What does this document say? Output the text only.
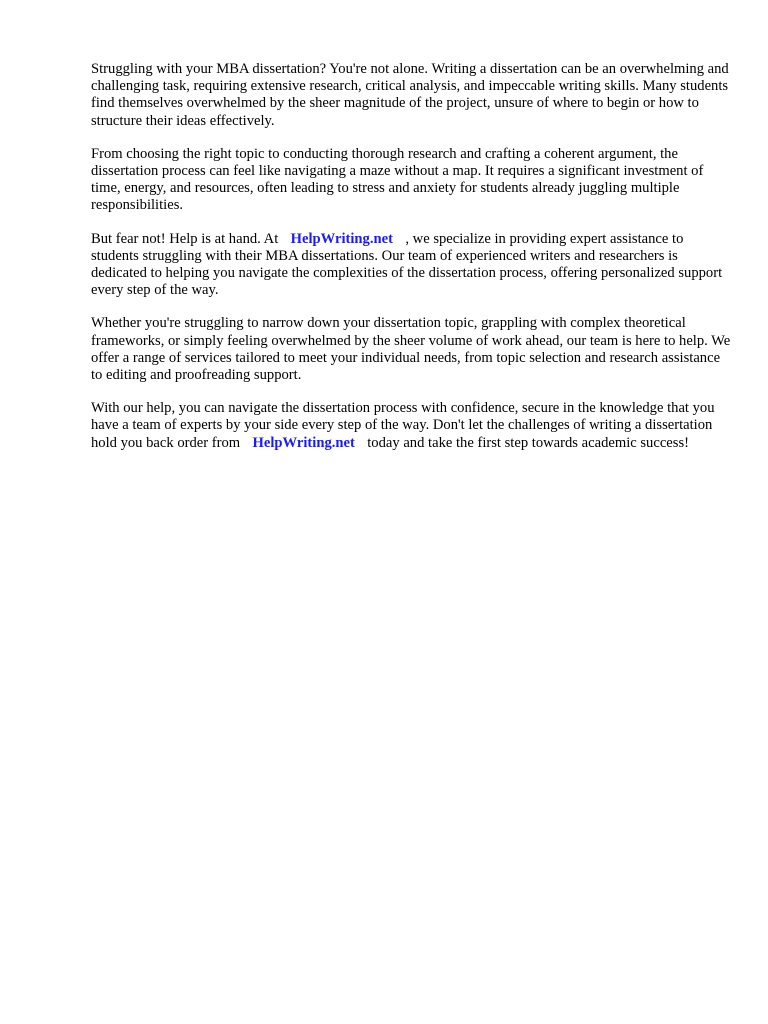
Struggling with your MBA dissertation? You're not alone. Writing a dissertation can be an overwhelming and challenging task, requiring extensive research, critical analysis, and impeccable writing skills. Many students find themselves overwhelmed by the sheer magnitude of the project, unsure of where to begin or how to structure their ideas effectively.

From choosing the right topic to conducting thorough research and crafting a coherent argument, the dissertation process can feel like navigating a maze without a map. It requires a significant investment of time, energy, and resources, often leading to stress and anxiety for students already juggling multiple responsibilities.

But fear not! Help is at hand. At HelpWriting.net , we specialize in providing expert assistance to students struggling with their MBA dissertations. Our team of experienced writers and researchers is dedicated to helping you navigate the complexities of the dissertation process, offering personalized support every step of the way.

Whether you're struggling to narrow down your dissertation topic, grappling with complex theoretical frameworks, or simply feeling overwhelmed by the sheer volume of work ahead, our team is here to help. We offer a range of services tailored to meet your individual needs, from topic selection and research assistance to editing and proofreading support.

With our help, you can navigate the dissertation process with confidence, secure in the knowledge that you have a team of experts by your side every step of the way. Don't let the challenges of writing a dissertation hold you back order from HelpWriting.net today and take the first step towards academic success!
